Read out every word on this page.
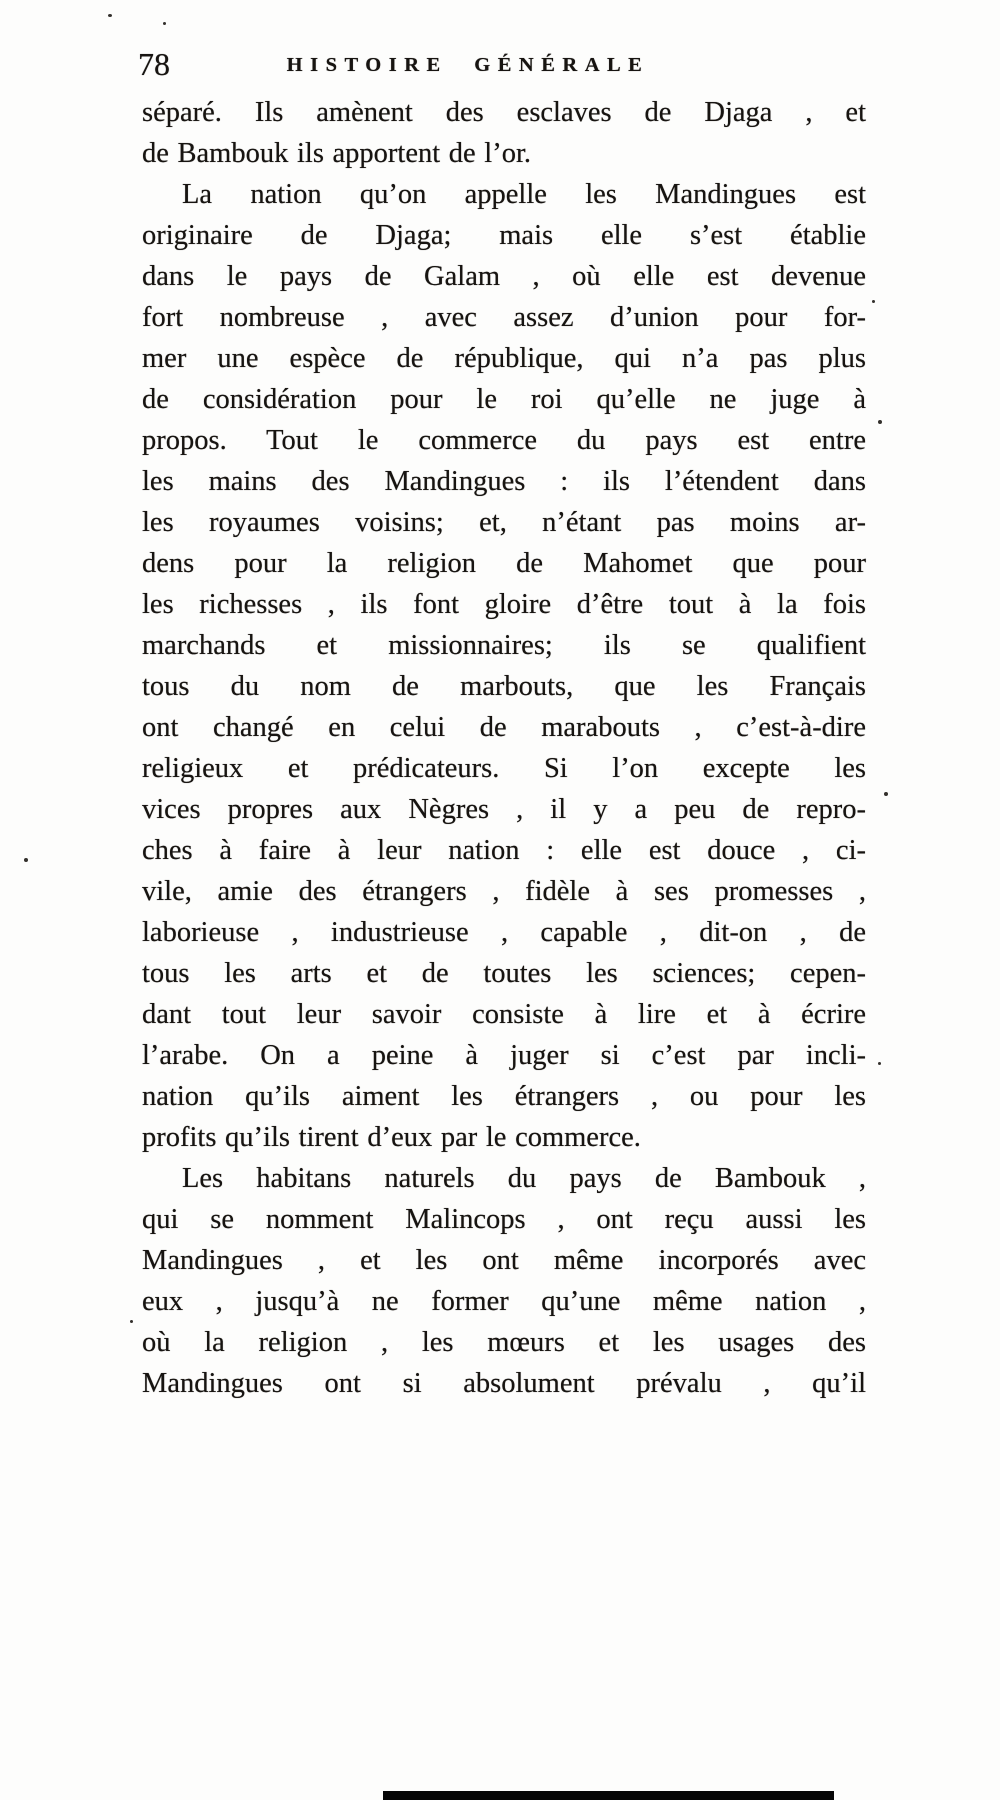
78	HISTOIRE GÉNÉRALE
séparé. Ils amènent des esclaves de Djaga , et
de Bambouk ils apportent de l’or.
La nation qu’on appelle les Mandingues est
originaire de Djaga; mais elle s’est établie
dans le pays de Galam , où elle est devenue
fort nombreuse , avec assez d’union pour for-
mer une espèce de république, qui n’a pas plus
de considération pour le roi qu’elle ne juge à
propos. Tout le commerce du pays est entre
les mains des Mandingues : ils l’étendent dans
les royaumes voisins; et, n’étant pas moins ar-
dens pour la religion de Mahomet que pour
les richesses , ils font gloire d’être tout à la fois
marchands et missionnaires; ils se qualifient
tous du nom de marbouts, que les Français
ont changé en celui de marabouts , c’est-à-dire
religieux et prédicateurs. Si l’on excepte les
vices propres aux Nègres , il y a peu de repro-
ches à faire à leur nation : elle est douce , ci-
vile, amie des étrangers , fidèle à ses promesses ,
laborieuse , industrieuse , capable , dit-on , de
tous les arts et de toutes les sciences; cepen-
dant tout leur savoir consiste à lire et à écrire
l’arabe. On a peine à juger si c’est par incli-
nation qu’ils aiment les étrangers , ou pour les
profits qu’ils tirent d’eux par le commerce.
Les habitans naturels du pays de Bambouk ,
qui se nomment Malincops , ont reçu aussi les
Mandingues , et les ont même incorporés avec
eux , jusqu’à ne former qu’une même nation ,
où la religion , les mœurs et les usages des
Mandingues ont si absolument prévalu , qu’il
